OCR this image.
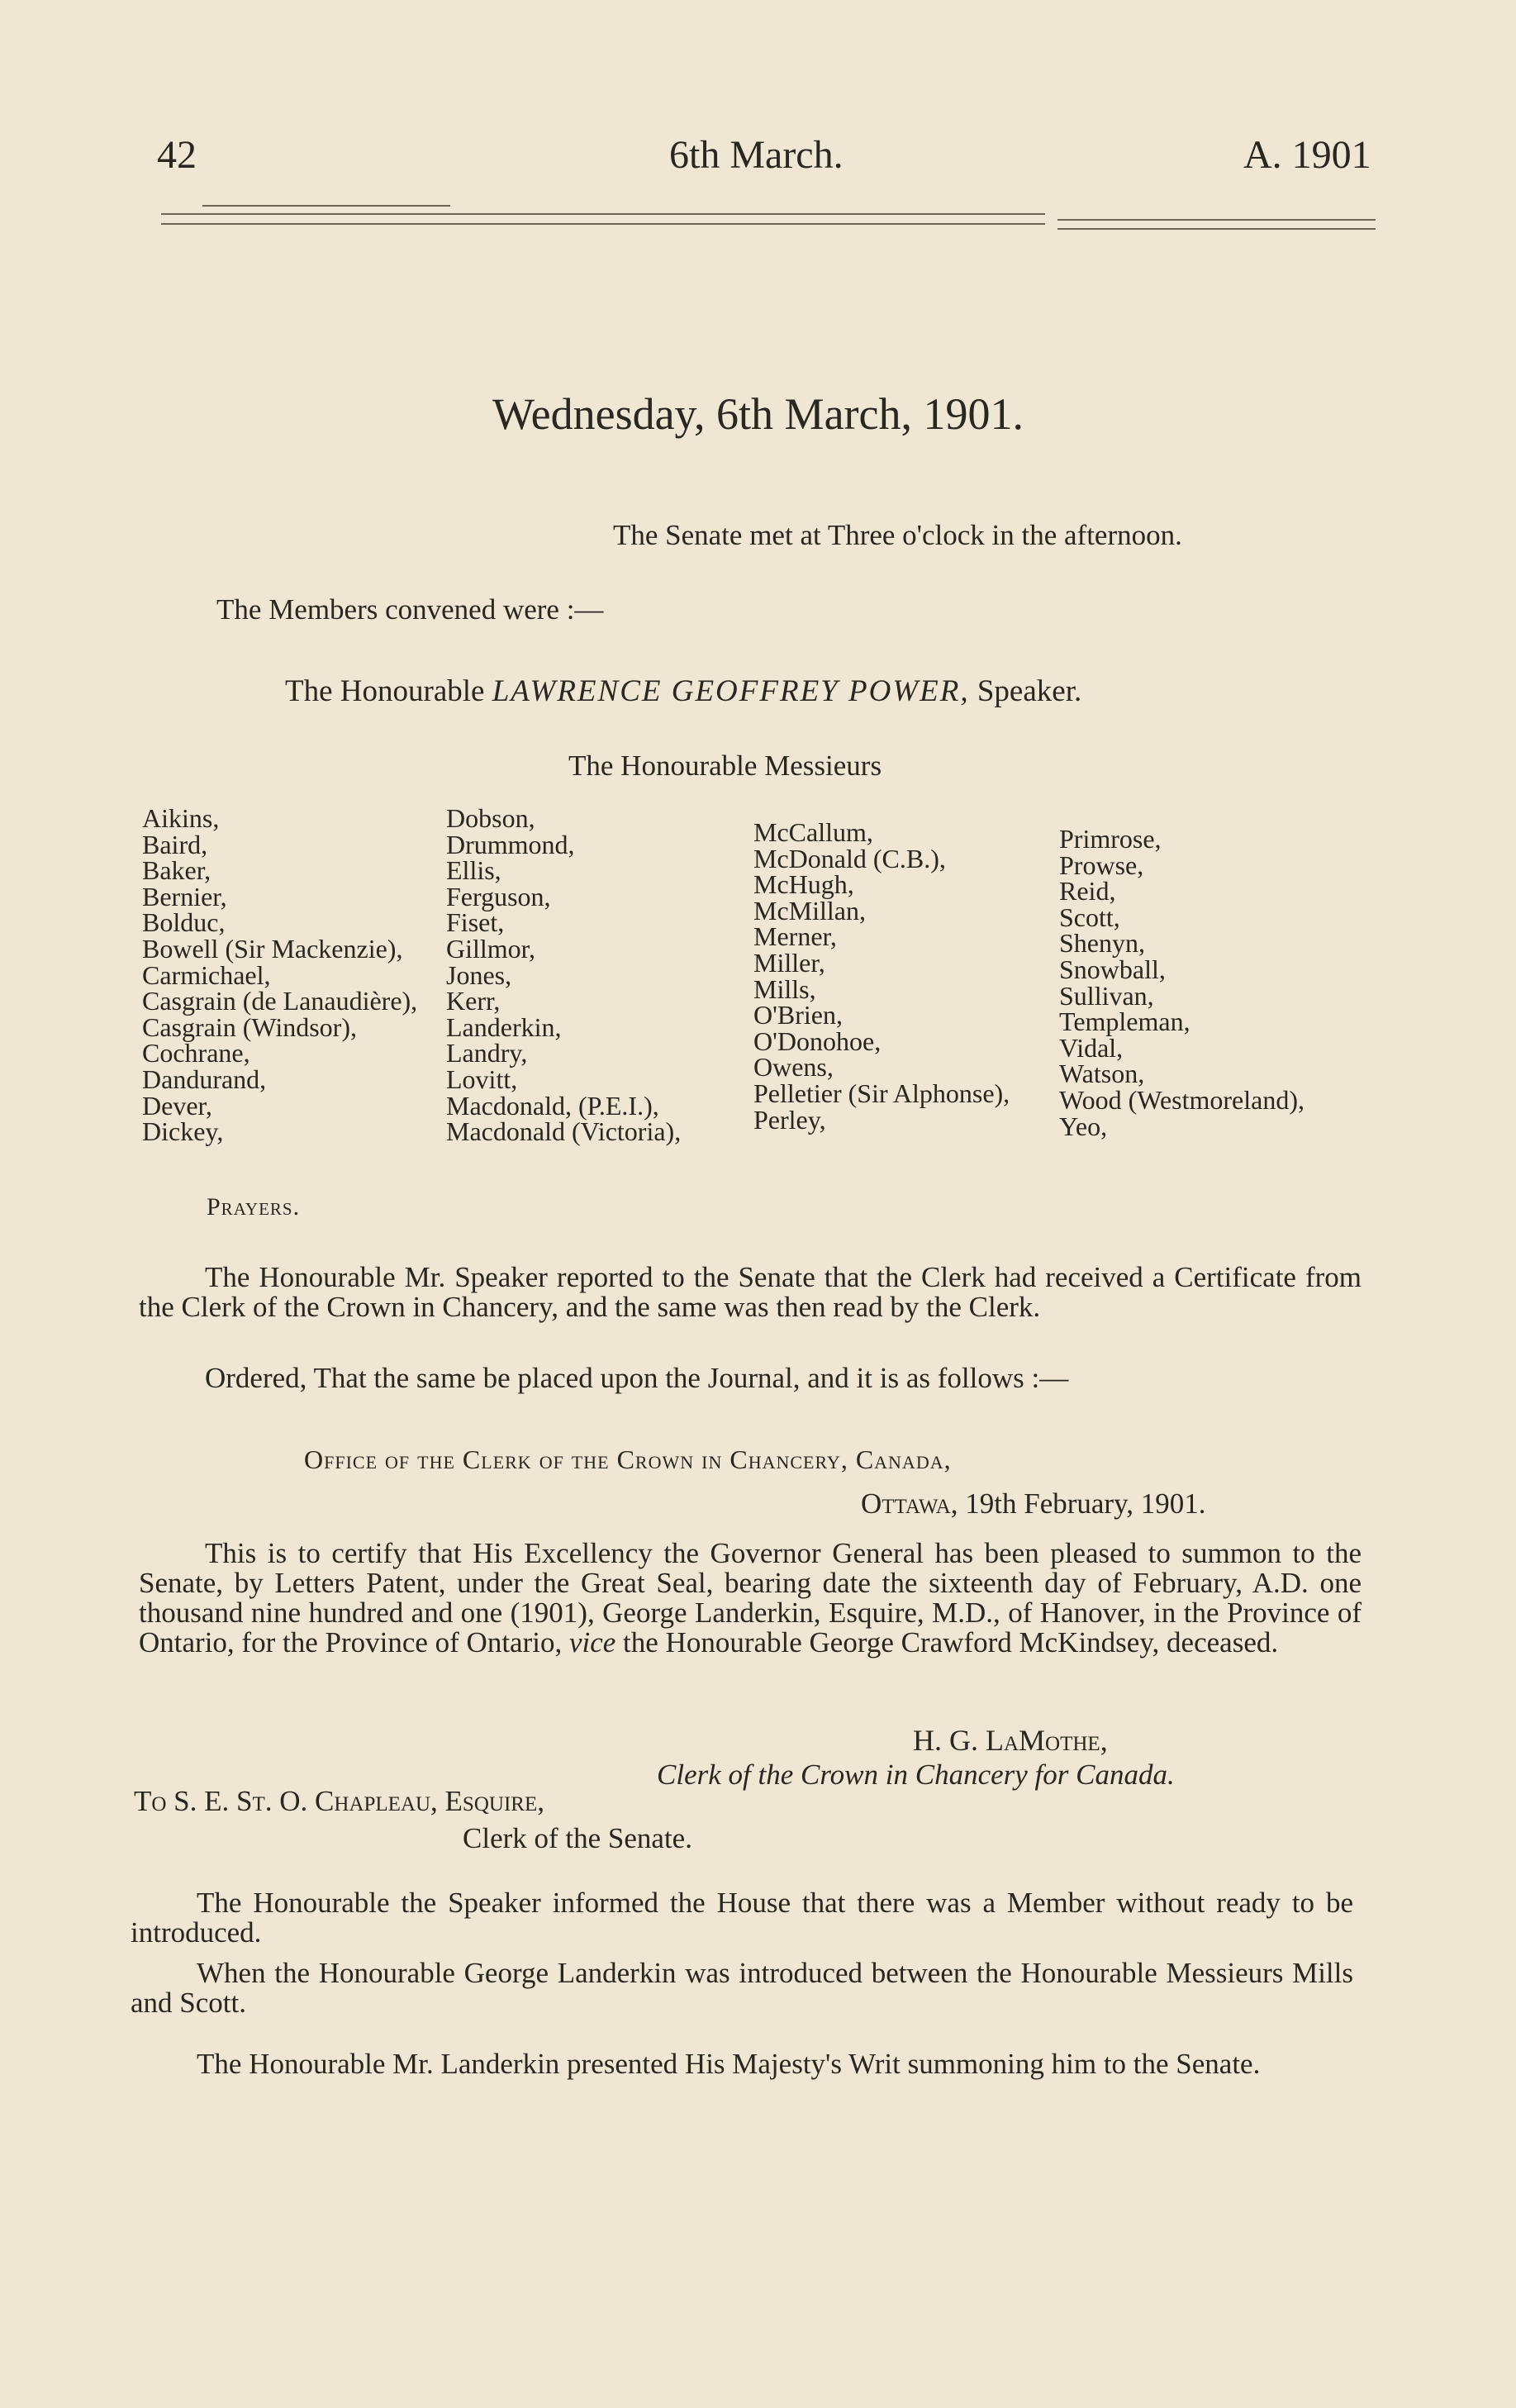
42	6th March.	A. 1901
Wednesday, 6th March, 1901.
The Senate met at Three o'clock in the afternoon.
The Members convened were :—
The Honourable LAWRENCE GEOFFREY POWER, Speaker.
The Honourable Messieurs
Aikins,
Baird,
Baker,
Bernier,
Bolduc,
Bowell (Sir Mackenzie),
Carmichael,
Casgrain (de Lanaudière),
Casgrain (Windsor),
Cochrane,
Dandurand,
Dever,
Dickey,
Dobson,
Drummond,
Ellis,
Ferguson,
Fiset,
Gillmor,
Jones,
Kerr,
Landerkin,
Landry,
Lovitt,
Macdonald, (P.E.I.),
Macdonald (Victoria),
McCallum,
McDonald (C.B.),
McHugh,
McMillan,
Merner,
Miller,
Mills,
O'Brien,
O'Donohoe,
Owens,
Pelletier (Sir Alphonse),
Perley,
Primrose,
Prowse,
Reid,
Scott,
Shenyn,
Snowball,
Sullivan,
Templeman,
Vidal,
Watson,
Wood (Westmoreland),
Yeo,
Prayers.
The Honourable Mr. Speaker reported to the Senate that the Clerk had received a Certificate from the Clerk of the Crown in Chancery, and the same was then read by the Clerk.
Ordered, That the same be placed upon the Journal, and it is as follows :—
Office of the Clerk of the Crown in Chancery, Canada,
Ottawa, 19th February, 1901.
This is to certify that His Excellency the Governor General has been pleased to summon to the Senate, by Letters Patent, under the Great Seal, bearing date the sixteenth day of February, A.D. one thousand nine hundred and one (1901), George Landerkin, Esquire, M.D., of Hanover, in the Province of Ontario, for the Province of Ontario, vice the Honourable George Crawford McKindsey, deceased.
H. G. LaMothe,
Clerk of the Crown in Chancery for Canada.
To S. E. St. O. Chapleau, Esquire,
Clerk of the Senate.
The Honourable the Speaker informed the House that there was a Member without ready to be introduced.
When the Honourable George Landerkin was introduced between the Honourable Messieurs Mills and Scott.
The Honourable Mr. Landerkin presented His Majesty's Writ summoning him to the Senate.
